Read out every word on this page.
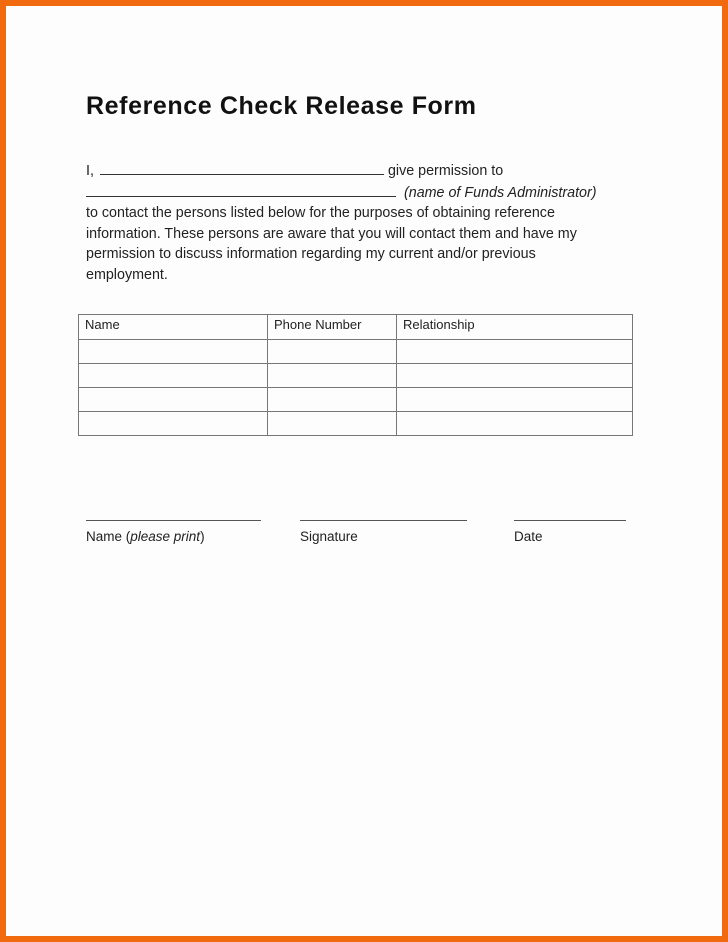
Reference Check Release Form
I,	give permission to
(name of Funds Administrator)
to contact the persons listed below for the purposes of obtaining reference
information. These persons are aware that you will contact them and have my
permission to discuss information regarding my current and/or previous
employment.
Name	Phone Number	Relationship

Name (please print)	Signature	Date
